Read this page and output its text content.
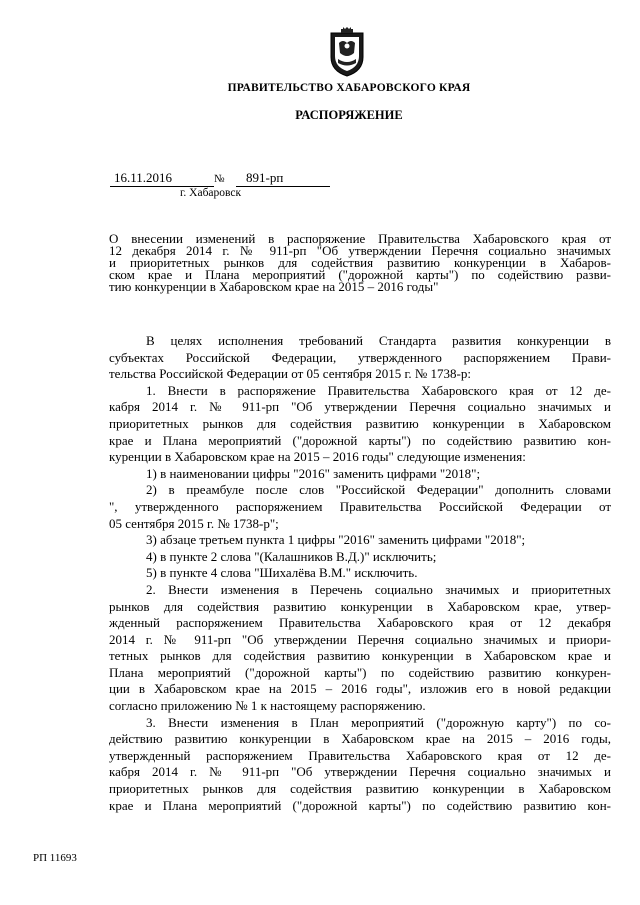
ПРАВИТЕЛЬСТВО ХАБАРОВСКОГО КРАЯ
РАСПОРЯЖЕНИЕ
16.11.2016	№	891-рп
г. Хабаровск
О внесении изменений в распоряжение Правительства Хабаровского края от
12 декабря 2014 г. № 911-рп "Об утверждении Перечня социально значимых
и приоритетных рынков для содействия развитию конкуренции в Хабаров-
ском крае и Плана мероприятий ("дорожной карты") по содействию разви-
тию конкуренции в Хабаровском крае на 2015 – 2016 годы"
В целях исполнения требований Стандарта развития конкуренции в
субъектах Российской Федерации, утвержденного распоряжением Прави-
тельства Российской Федерации от 05 сентября 2015 г. № 1738-р:
1. Внести в распоряжение Правительства Хабаровского края от 12 де-
кабря 2014 г. № 911-рп "Об утверждении Перечня социально значимых и
приоритетных рынков для содействия развитию конкуренции в Хабаровском
крае и Плана мероприятий ("дорожной карты") по содействию развитию кон-
куренции в Хабаровском крае на 2015 – 2016 годы" следующие изменения:
1) в наименовании цифры "2016" заменить цифрами "2018";
2) в преамбуле после слов "Российской Федерации" дополнить словами
", утвержденного распоряжением Правительства Российской Федерации от
05 сентября 2015 г. № 1738-р";
3) абзаце третьем пункта 1 цифры "2016" заменить цифрами "2018";
4) в пункте 2 слова "(Калашников В.Д.)" исключить;
5) в пункте 4 слова "Шихалёва В.М." исключить.
2. Внести изменения в Перечень социально значимых и приоритетных
рынков для содействия развитию конкуренции в Хабаровском крае, утвер-
жденный распоряжением Правительства Хабаровского края от 12 декабря
2014 г. № 911-рп "Об утверждении Перечня социально значимых и приори-
тетных рынков для содействия развитию конкуренции в Хабаровском крае и
Плана мероприятий ("дорожной карты") по содействию развитию конкурен-
ции в Хабаровском крае на 2015 – 2016 годы", изложив его в новой редакции
согласно приложению № 1 к настоящему распоряжению.
3. Внести изменения в План мероприятий ("дорожную карту") по со-
действию развитию конкуренции в Хабаровском крае на 2015 – 2016 годы,
утвержденный распоряжением Правительства Хабаровского края от 12 де-
кабря 2014 г. № 911-рп "Об утверждении Перечня социально значимых и
приоритетных рынков для содействия развитию конкуренции в Хабаровском
крае и Плана мероприятий ("дорожной карты") по содействию развитию кон-
РП 11693
